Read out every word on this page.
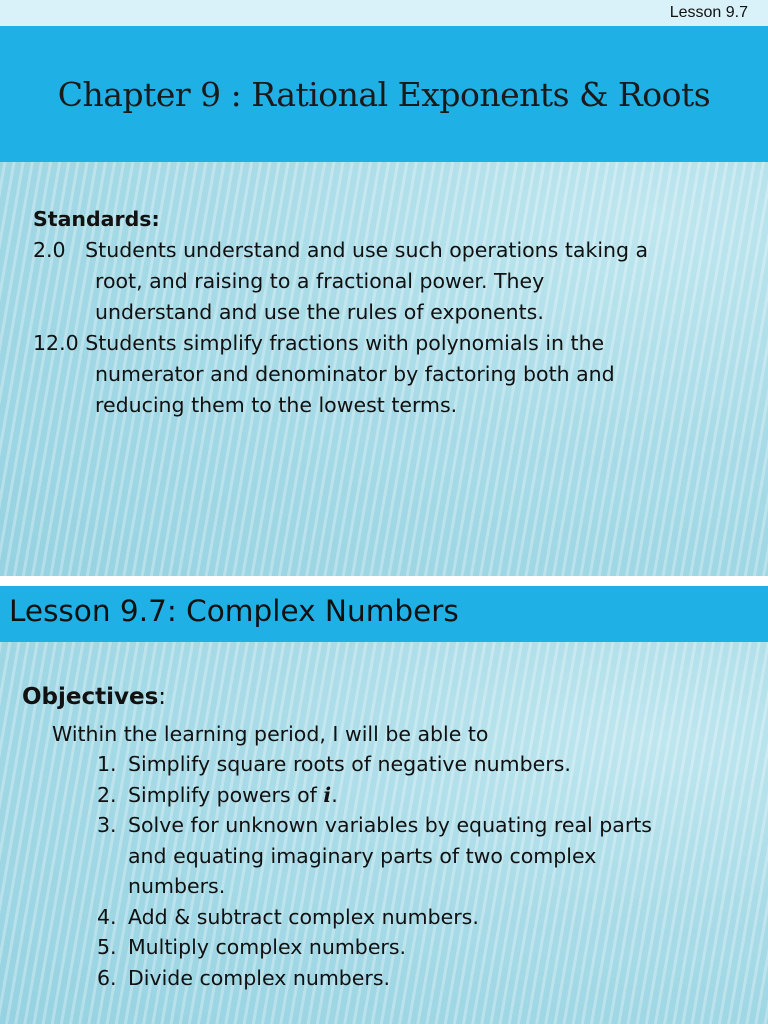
Lesson 9.7
Chapter 9 : Rational Exponents & Roots
Standards:
2.0 Students understand and use such operations taking a
root, and raising to a fractional power. They
understand and use the rules of exponents.
12.0 Students simplify fractions with polynomials in the
numerator and denominator by factoring both and
reducing them to the lowest terms.
Lesson 9.7: Complex Numbers
Objectives:
Within the learning period, I will be able to
1. Simplify square roots of negative numbers.
2. Simplify powers of i.
3. Solve for unknown variables by equating real parts
and equating imaginary parts of two complex
numbers.
4. Add & subtract complex numbers.
5. Multiply complex numbers.
6. Divide complex numbers.
